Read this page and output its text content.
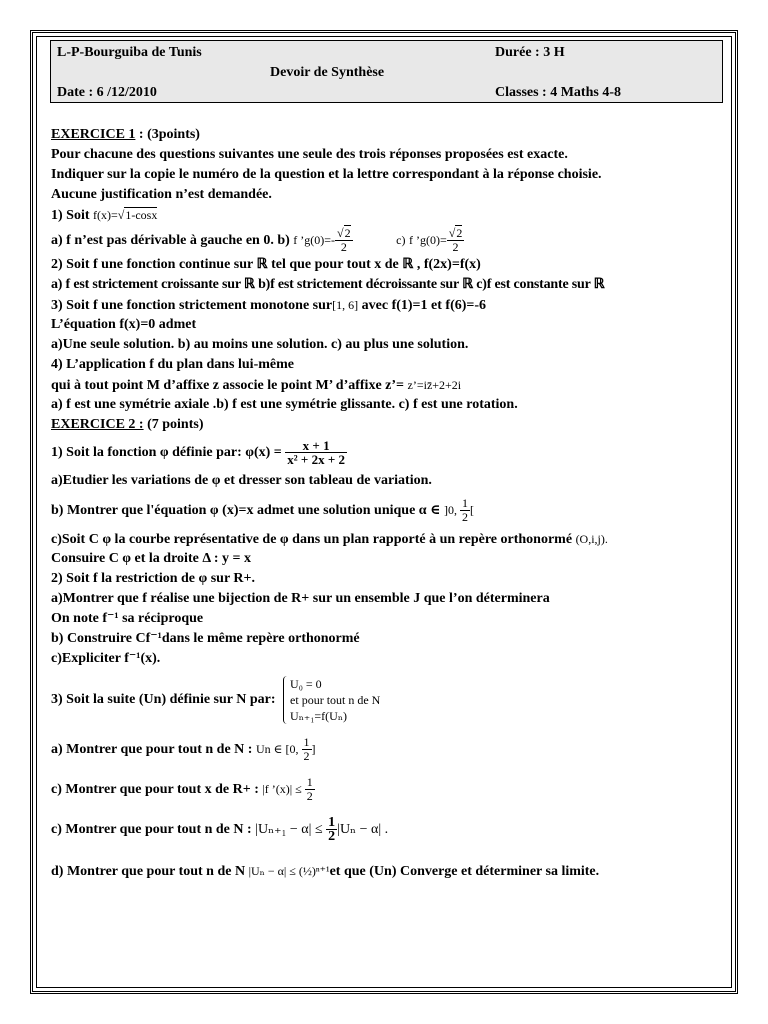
L-P-Bourguiba de Tunis	Durée : 3 H
Devoir de Synthèse
Date : 6 /12/2010	Classes : 4 Maths 4-8
EXERCICE 1 : (3points)
Pour chacune des questions suivantes une seule des trois réponses proposées est exacte.
Indiquer sur la copie le numéro de la question et la lettre correspondant à la réponse choisie.
Aucune justification n’est demandée.
1) Soit f(x)=√1-cosx
a) f n’est pas dérivable à gauche en 0. b) f ’g(0)=- $\frac{√2}{2}$	c) f ’g(0)= $\frac{√2}{2}$
2) Soit f une fonction continue sur ℝ tel que pour tout x de ℝ , f(2x)=f(x)
a) f est strictement croissante sur ℝ b)f est strictement décroissante sur ℝ c)f est constante sur ℝ
3) Soit f une fonction strictement monotone sur[1, 6] avec f(1)=1 et f(6)=-6
L’équation f(x)=0 admet
a)Une seule solution. b) au moins une solution. c) au plus une solution.
4) L’application f du plan dans lui-même
qui à tout point M d’affixe z associe le point M’ d’affixe z’= z’=iz̄+2+2i
a) f est une symétrie axiale .b) f est une symétrie glissante. c) f est une rotation.
EXERCICE 2 : (7 points)
1) Soit la fonction φ définie par: $\varphi(x) = \frac{x + 1}{\text{x² + 2x + 2}}$
a)Etudier les variations de φ et dresser son tableau de variation.
b) Montrer que l'équation φ (x)=x admet une solution unique α ∈ ]0, $\frac{1}{2}$ [
c)Soit C φ la courbe représentative de φ dans un plan rapporté à un repère orthonormé (O,i,j).
Consuire C φ et la droite Δ : y = x
2) Soit f la restriction de φ sur R+.
a)Montrer que f réalise une bijection de R+ sur un ensemble J que l’on déterminera
On note f⁻¹ sa réciproque
b) Construire Cf⁻¹dans le même repère orthonormé
c)Expliciter f⁻¹(x).
3) Soit la suite (Un) définie sur N par:
U₀ = 0
et pour tout n de N
Uₙ₊₁=f(Uₙ)
a) Montrer que pour tout n de N : Un ∈ [0, $\frac{1}{2}$ ]
c) Montrer que pour tout x de R+ : |f ’(x)| ≤ $\frac{1}{2}$
c) Montrer que pour tout n de N : $|U_{n+1} - \alpha| \le \frac{1}{2} |U_n - \alpha|$ .
d) Montrer que pour tout n de N |Uₙ − α| ≤ (½)ⁿ⁺¹et que (Un) Converge et déterminer sa limite.
